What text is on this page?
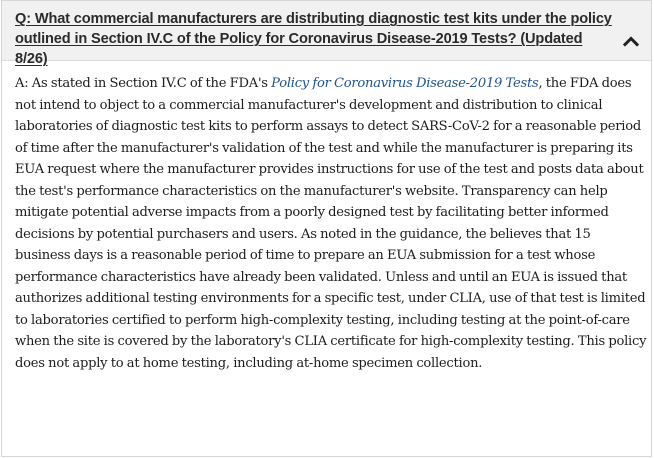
Q: What commercial manufacturers are distributing diagnostic test kits under the policy outlined in Section IV.C of the Policy for Coronavirus Disease-2019 Tests? (Updated 8/26)

A: As stated in Section IV.C of the FDA's Policy for Coronavirus Disease-2019 Tests, the FDA does not intend to object to a commercial manufacturer's development and distribution to clinical laboratories of diagnostic test kits to perform assays to detect SARS-CoV-2 for a reasonable period of time after the manufacturer's validation of the test and while the manufacturer is preparing its EUA request where the manufacturer provides instructions for use of the test and posts data about the test's performance characteristics on the manufacturer's website. Transparency can help mitigate potential adverse impacts from a poorly designed test by facilitating better informed decisions by potential purchasers and users. As noted in the guidance, the believes that 15 business days is a reasonable period of time to prepare an EUA submission for a test whose performance characteristics have already been validated. Unless and until an EUA is issued that authorizes additional testing environments for a specific test, under CLIA, use of that test is limited to laboratories certified to perform high-complexity testing, including testing at the point-of-care when the site is covered by the laboratory's CLIA certificate for high-complexity testing. This policy does not apply to at home testing, including at-home specimen collection.
